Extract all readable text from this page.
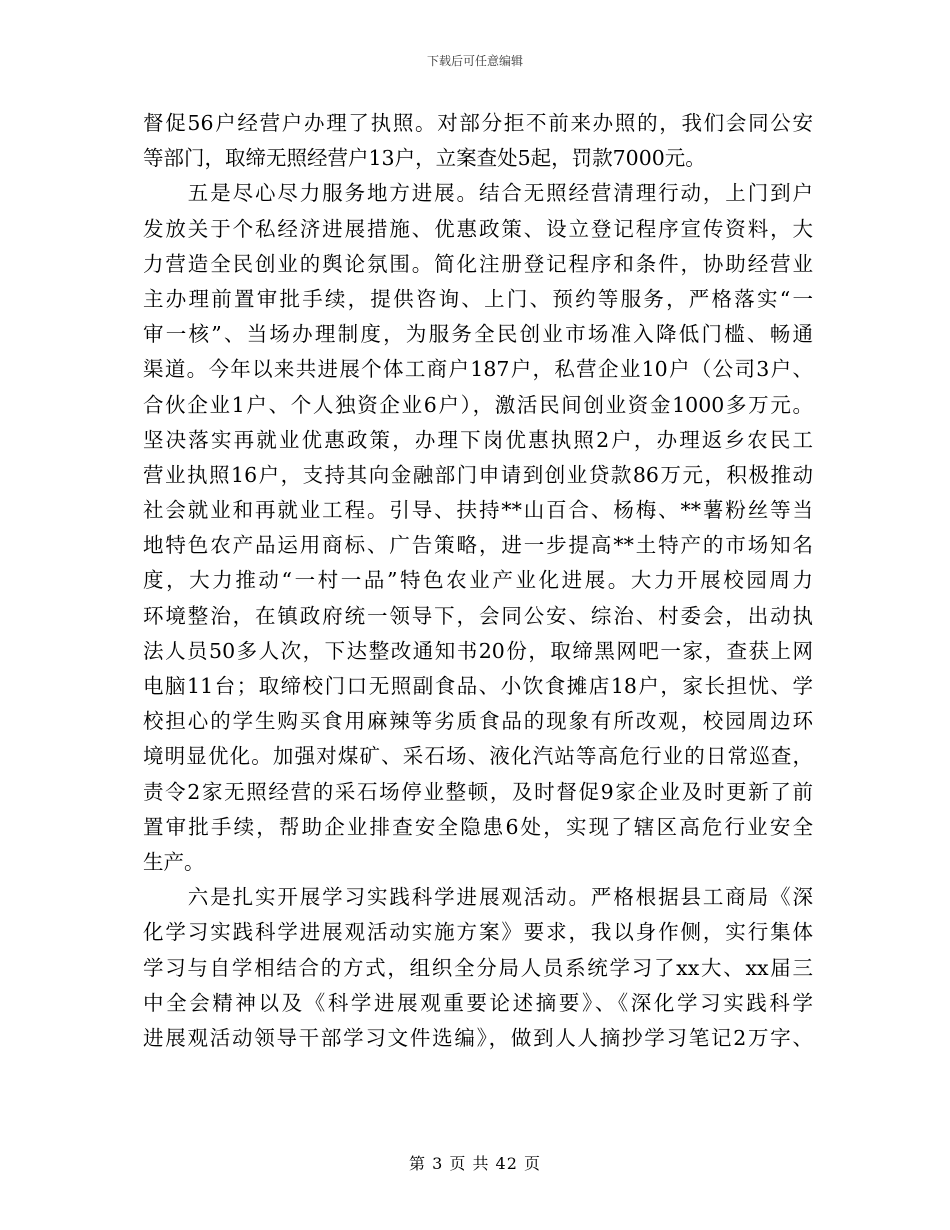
下载后可任意编辑
督促56户经营户办理了执照。对部分拒不前来办照的，我们会同公安
等部门，取缔无照经营户13户，立案查处5起，罚款7000元。
　　五是尽心尽力服务地方进展。结合无照经营清理行动，上门到户
发放关于个私经济进展措施、优惠政策、设立登记程序宣传资料，大
力营造全民创业的舆论氛围。简化注册登记程序和条件，协助经营业
主办理前置审批手续，提供咨询、上门、预约等服务，严格落实“一
审一核”、当场办理制度，为服务全民创业市场准入降低门槛、畅通
渠道。今年以来共进展个体工商户187户，私营企业10户（公司3户、
合伙企业1户、个人独资企业6户），激活民间创业资金1000多万元。
坚决落实再就业优惠政策，办理下岗优惠执照2户，办理返乡农民工
营业执照16户，支持其向金融部门申请到创业贷款86万元，积极推动
社会就业和再就业工程。引导、扶持**山百合、杨梅、**薯粉丝等当
地特色农产品运用商标、广告策略，进一步提高**土特产的市场知名
度，大力推动“一村一品”特色农业产业化进展。大力开展校园周力
环境整治，在镇政府统一领导下，会同公安、综治、村委会，出动执
法人员50多人次，下达整改通知书20份，取缔黑网吧一家，查获上网
电脑11台；取缔校门口无照副食品、小饮食摊店18户，家长担忧、学
校担心的学生购买食用麻辣等劣质食品的现象有所改观，校园周边环
境明显优化。加强对煤矿、采石场、液化汽站等高危行业的日常巡查，
责令2家无照经营的采石场停业整顿，及时督促9家企业及时更新了前
置审批手续，帮助企业排查安全隐患6处，实现了辖区高危行业安全
生产。
　　六是扎实开展学习实践科学进展观活动。严格根据县工商局《深
化学习实践科学进展观活动实施方案》要求，我以身作侧，实行集体
学习与自学相结合的方式，组织全分局人员系统学习了xx大、xx届三
中全会精神以及《科学进展观重要论述摘要》、《深化学习实践科学
进展观活动领导干部学习文件选编》，做到人人摘抄学习笔记2万字、
第 3 页 共 42 页
